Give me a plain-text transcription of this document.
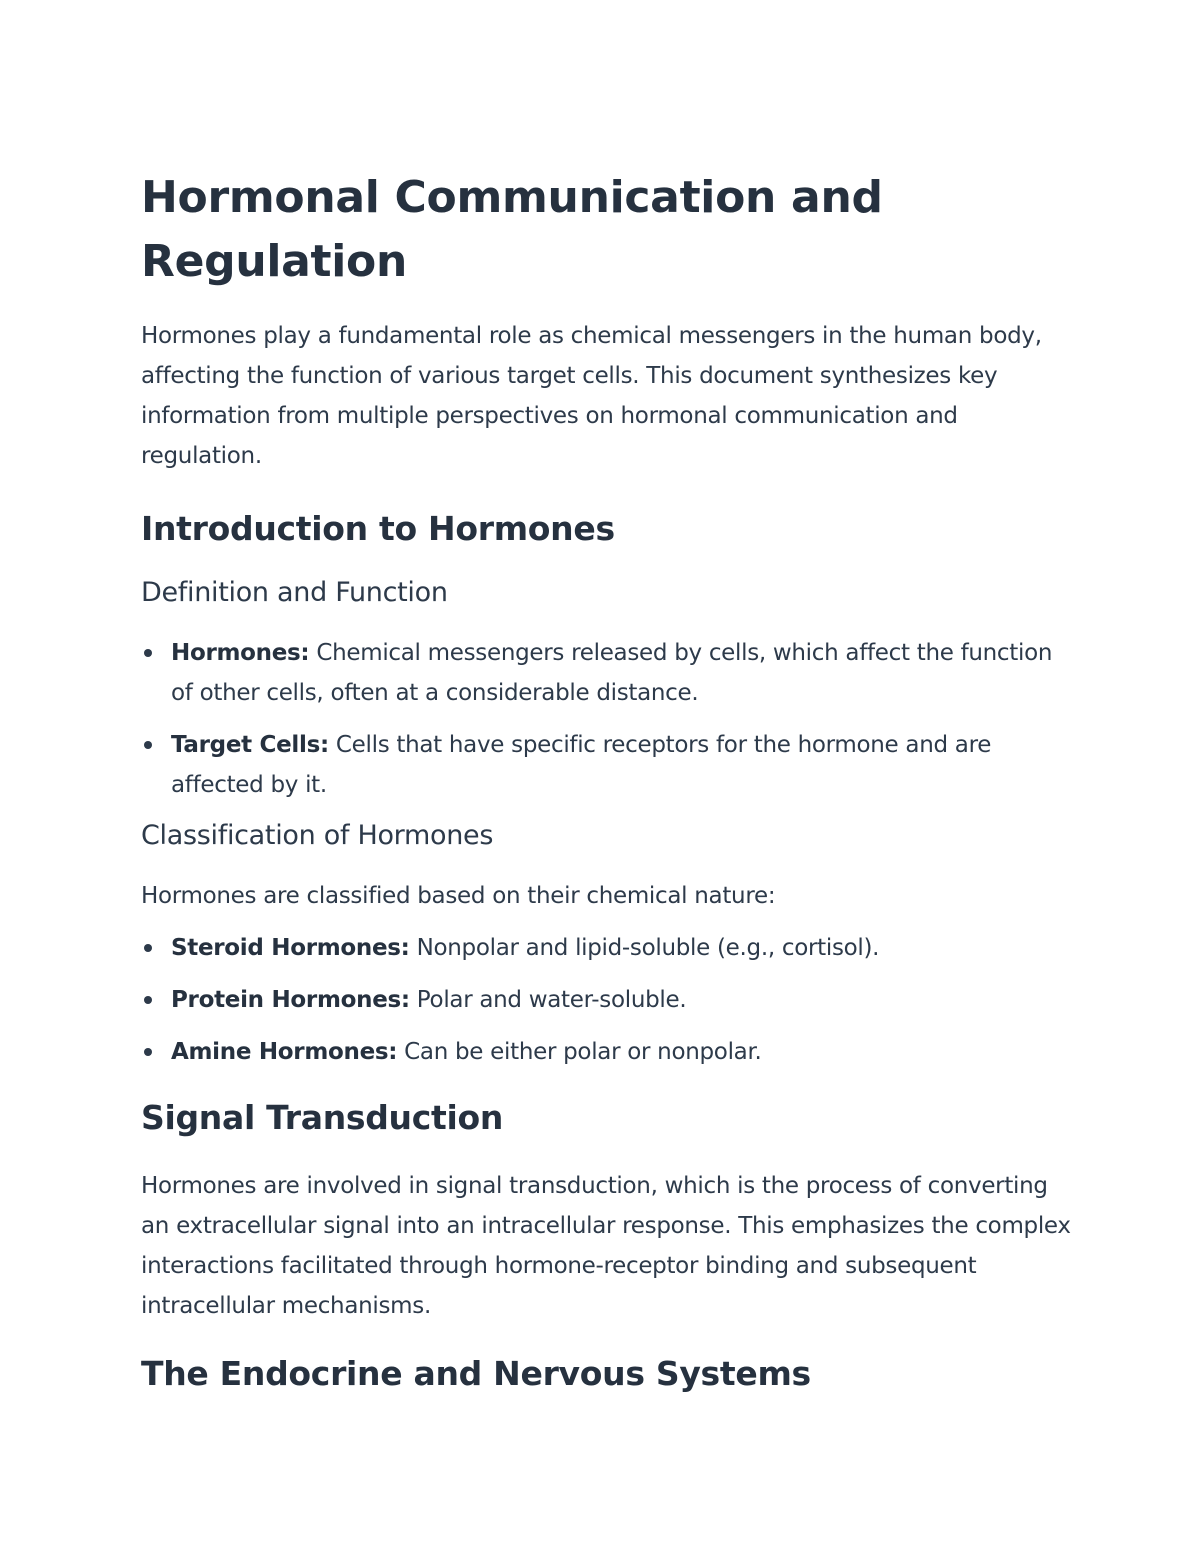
Hormonal Communication and Regulation

Hormones play a fundamental role as chemical messengers in the human body, affecting the function of various target cells. This document synthesizes key information from multiple perspectives on hormonal communication and regulation.

Introduction to Hormones
Definition and Function
Hormones: Chemical messengers released by cells, which affect the function of other cells, often at a considerable distance.
Target Cells: Cells that have specific receptors for the hormone and are affected by it.
Classification of Hormones

Hormones are classified based on their chemical nature:

Steroid Hormones: Nonpolar and lipid-soluble (e.g., cortisol).
Protein Hormones: Polar and water-soluble.
Amine Hormones: Can be either polar or nonpolar.
Signal Transduction

Hormones are involved in signal transduction, which is the process of converting an extracellular signal into an intracellular response. This emphasizes the complex interactions facilitated through hormone-receptor binding and subsequent intracellular mechanisms.

The Endocrine and Nervous Systems
